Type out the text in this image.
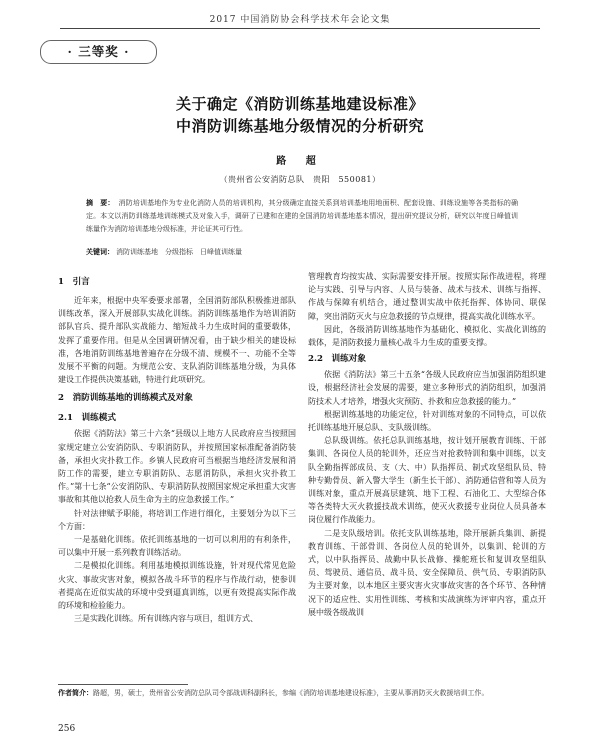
2017 中国消防协会科学技术年会论文集
· 三等奖 ·
关于确定《消防训练基地建设标准》
中消防训练基地分级情况的分析研究
路 超
（贵州省公安消防总队　贵阳　550081）
摘　要： 消防培训基地作为专业化消防人员的培训机构，其分级确定直接关系到培训基地用地面积、配套设施、训练设施等各类指标的确定。本文以消防训练基地训练模式及对象入手，调研了已建和在建的全国消防培训基地基本情况，提出研究提议分析，研究以年度日峰值训练量作为消防培训基地分级标准，并论证其可行性。
关键词： 消防训练基地　分级指标　日峰值训练量
1　引言

近年来，根据中央军委要求部署，全国消防部队积极推进部队训练改革，深入开展部队实战化训练。消防训练基地作为培训消防部队官兵、提升部队实战能力、缩短战斗力生成时间的重要载体，发挥了重要作用。但是从全国调研情况看，由于缺少相关的建设标准，各地消防训练基地普遍存在分级不清、规模不一、功能不全等发展不平衡的问题。为规范公安、支队消防训练基地分级，为具体建设工作提供决策基础，特进行此项研究。

2　消防训练基地的训练模式及对象
2.1　训练模式

依据《消防法》第三十六条“县级以上地方人民政府应当按照国家规定建立公安消防队、专职消防队，并按照国家标准配备消防装备，承担火灾扑救工作。乡镇人民政府可当根据当地经济发展和消防工作的需要，建立专职消防队、志愿消防队，承担火灾扑救工作。”第十七条“公安消防队、专职消防队按照国家规定承担重大灾害事故和其他以抢救人员生命为主的应急救援工作。”

针对法律赋予职能，将培训工作进行细化，主要划分为以下三个方面：

一是基础化训练。依托训练基地的一切可以利用的有利条件，可以集中开展一系列教育训练活动。

二是模拟化训练。利用基地模拟训练设施，针对现代常见危险火灾、事故灾害对象，模拟各战斗环节的程序与作战行动，使参训者提高在近似实战的环境中受到逼真训练，以更有效提高实际作战的环境和检验能力。

三是实践化训练。所有训练内容与项目，组训方式、

管理教育均按实战、实际需要安排开展。按照实际作战进程，将理论与实践、引导与内容、人员与装备、战术与技术、训练与指挥、作战与保障有机结合，通过整训实战中依托指挥、体协同、联保障，突出消防灭火与应急救援的节点规律，提高实战化训练水平。

因此，各级消防训练基地作为基础化、模拟化、实战化训练的载体，是消防救援力量核心战斗力生成的重要支撑。

2.2　训练对象

依据《消防法》第三十五条“各级人民政府应当加强消防组织建设，根据经济社会发展的需要，建立多种形式的消防组织，加强消防技术人才培养，增强火灾预防、扑救和应急救援的能力。”

根据训练基地的功能定位，针对训练对象的不同特点，可以依托训练基地开展总队、支队级训练。

总队级训练。依托总队训练基地，按计划开展教育训练、干部集训、各岗位人员的轮训外，还应当对抢救特训和集中训练，以支队全勤指挥部成员、支（大、中）队指挥员、制式攻坚组队员、特种专勤骨员、新入警大学生（新生长干部）、消防通信营和等人员为训练对象，重点开展高层建筑、地下工程、石油化工、大型综合体等各类特大灭火救援技战术训练，使灭火救援专业岗位人员具备本岗位履行作战能力。

二是支队级培训。依托支队训练基地，除开展新兵集训、新提教育训练、干部骨训、各岗位人员的轮训外，以集训、轮训的方式，以中队指挥员、战勤中队长战修、操舵班长和复训攻坚组队员、驾驶员、通信员、战斗员、安全保障员、供气员、专职消防队为主要对象，以本地区主要灾害火灾事故灾害的各个环节、各种情况下的适应性、实用性训练、考核和实战演练为评审内容，重点开展中级各级战训

作者简介：路超，男，硕士，贵州省公安消防总队司令部战训科副科长，参编《消防培训基地建设标准》，主要从事消防灭火救援培训工作。
256
